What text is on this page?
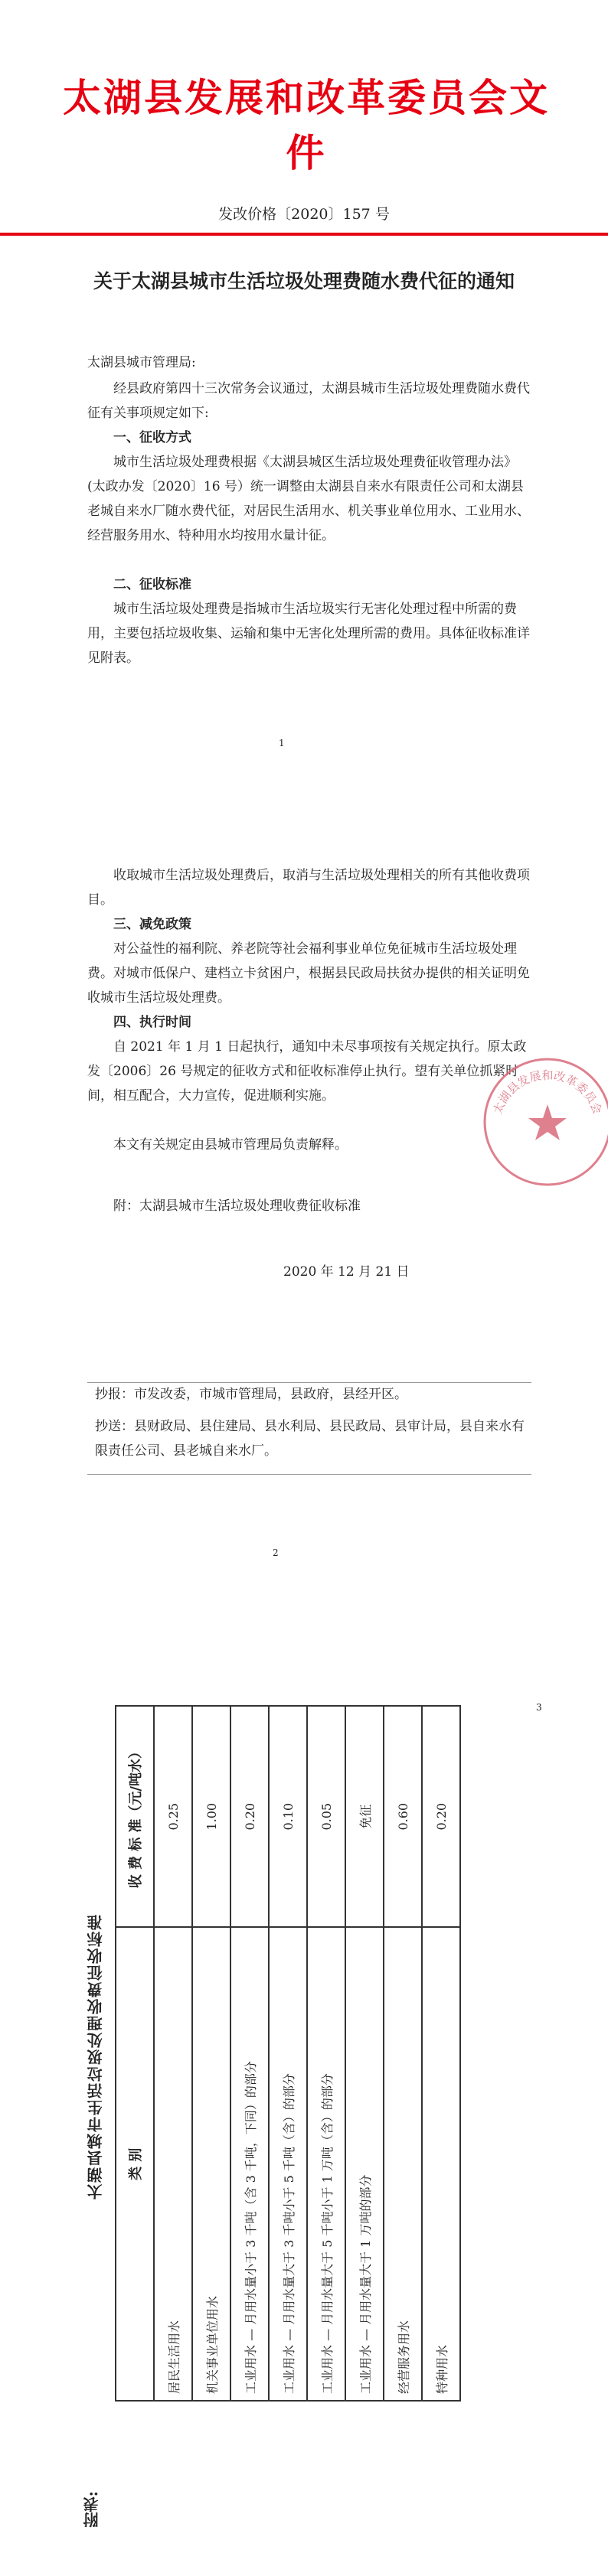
太湖县发展和改革委员会文件
发改价格〔2020〕157 号
关于太湖县城市生活垃圾处理费随水费代征的通知

太湖县城市管理局:

经县政府第四十三次常务会议通过，太湖县城市生活垃圾处理费随水费代征有关事项规定如下:

一、征收方式

城市生活垃圾处理费根据《太湖县城区生活垃圾处理费征收管理办法》(太政办发〔2020〕16 号）统一调整由太湖县自来水有限责任公司和太湖县老城自来水厂随水费代征，对居民生活用水、机关事业单位用水、工业用水、经营服务用水、特种用水均按用水量计征。

二、征收标准

城市生活垃圾处理费是指城市生活垃圾实行无害化处理过程中所需的费用，主要包括垃圾收集、运输和集中无害化处理所需的费用。具体征收标准详见附表。

1

收取城市生活垃圾处理费后，取消与生活垃圾处理相关的所有其他收费项目。

三、减免政策

对公益性的福利院、养老院等社会福利事业单位免征城市生活垃圾处理费。对城市低保户、建档立卡贫困户，根据县民政局扶贫办提供的相关证明免收城市生活垃圾处理费。

四、执行时间

自 2021 年 1 月 1 日起执行，通知中未尽事项按有关规定执行。原太政发〔2006〕26 号规定的征收方式和征收标准停止执行。望有关单位抓紧时间，相互配合，大力宣传，促进顺利实施。

本文有关规定由县城市管理局负责解释。

附：太湖县城市生活垃圾处理收费征收标准

太湖县发展和改革委员会

2020 年 12 月 21 日

抄报：市发改委，市城市管理局，县政府，县经开区。

抄送：县财政局、县住建局、县水利局、县民政局、县审计局，县自来水有限责任公司、县老城自来水厂。

2
3
太湖县城市生活垃圾处理收费征收标准
附表:
类 别	收 费 标 准（元/吨水）
居民生活用水	0.25
机关事业单位用水	1.00
工业用水 — 月用水量小于 3 千吨（含 3 千吨，下同）的部分	0.20
工业用水 — 月用水量大于 3 千吨小于 5 千吨（含）的部分	0.10
工业用水 — 月用水量大于 5 千吨小于 1 万吨（含）的部分	0.05
工业用水 — 月用水量大于 1 万吨的部分	免征
经营服务用水	0.60
特种用水	0.20
